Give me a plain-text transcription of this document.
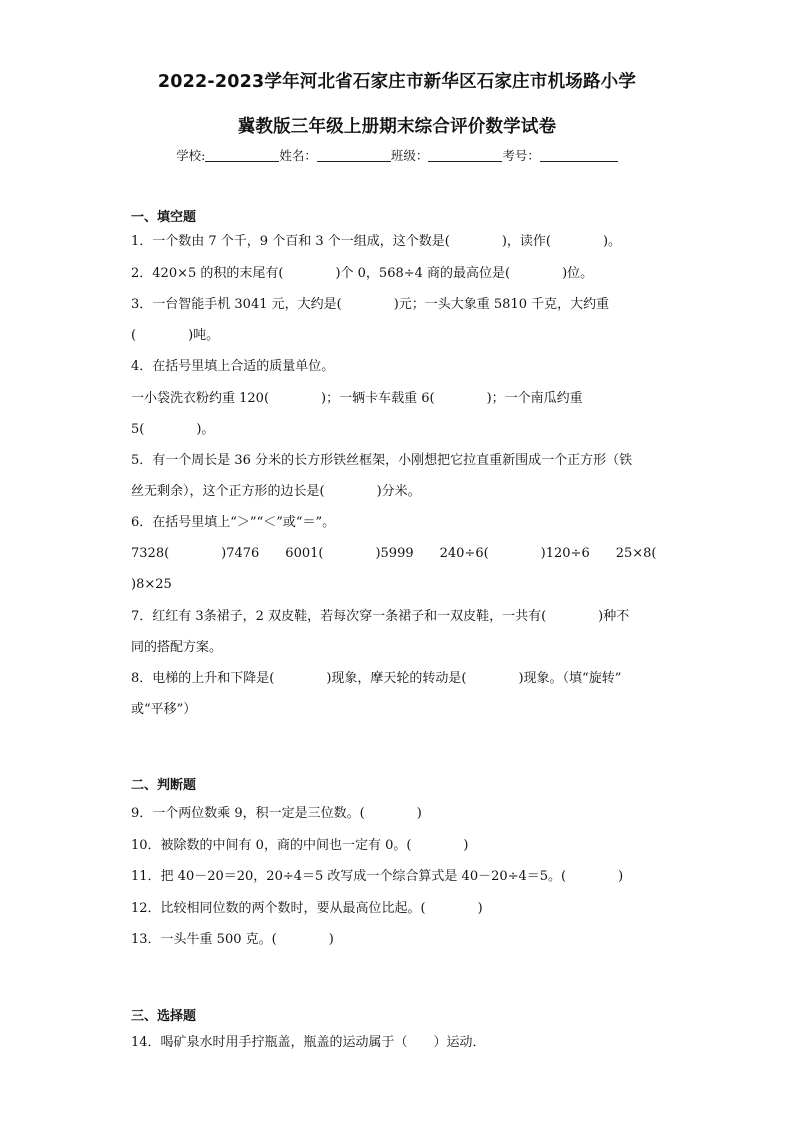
2022-2023学年河北省石家庄市新华区石家庄市机场路小学
冀教版三年级上册期末综合评价数学试卷
学校:	姓名：	班级：	考号：
一、填空题
1．一个数由 7 个千，9 个百和 3 个一组成，这个数是(　　　　)，读作(　　　　)。
2．420×5 的积的末尾有(　　　　)个 0，568÷4 商的最高位是(　　　　)位。
3．一台智能手机 3041 元，大约是(　　　　)元；一头大象重 5810 千克，大约重
(　　　　)吨。
4．在括号里填上合适的质量单位。
一小袋洗衣粉约重 120(　　　　)；一辆卡车载重 6(　　　　)；一个南瓜约重
5(　　　　)。
5．有一个周长是 36 分米的长方形铁丝框架，小刚想把它拉直重新围成一个正方形（铁
丝无剩余），这个正方形的边长是(　　　　)分米。
6．在括号里填上“＞”“＜”或“＝”。
7328(　　　　)7476　　6001(　　　　)5999　　240÷6(　　　　)120÷6　　25×8(
)8×25
7．红红有 3条裙子，2 双皮鞋，若每次穿一条裙子和一双皮鞋，一共有(　　　　)种不
同的搭配方案。
8．电梯的上升和下降是(　　　　)现象，摩天轮的转动是(　　　　)现象。（填“旋转”
或“平移”）
二、判断题
9．一个两位数乘 9，积一定是三位数。(　　　　)
10．被除数的中间有 0，商的中间也一定有 0。(　　　　)
11．把 40－20＝20，20÷4＝5 改写成一个综合算式是 40－20÷4＝5。(　　　　)
12．比较相同位数的两个数时，要从最高位比起。(　　　　)
13．一头牛重 500 克。(　　　　)
三、选择题
14．喝矿泉水时用手拧瓶盖，瓶盖的运动属于（　　）运动．
